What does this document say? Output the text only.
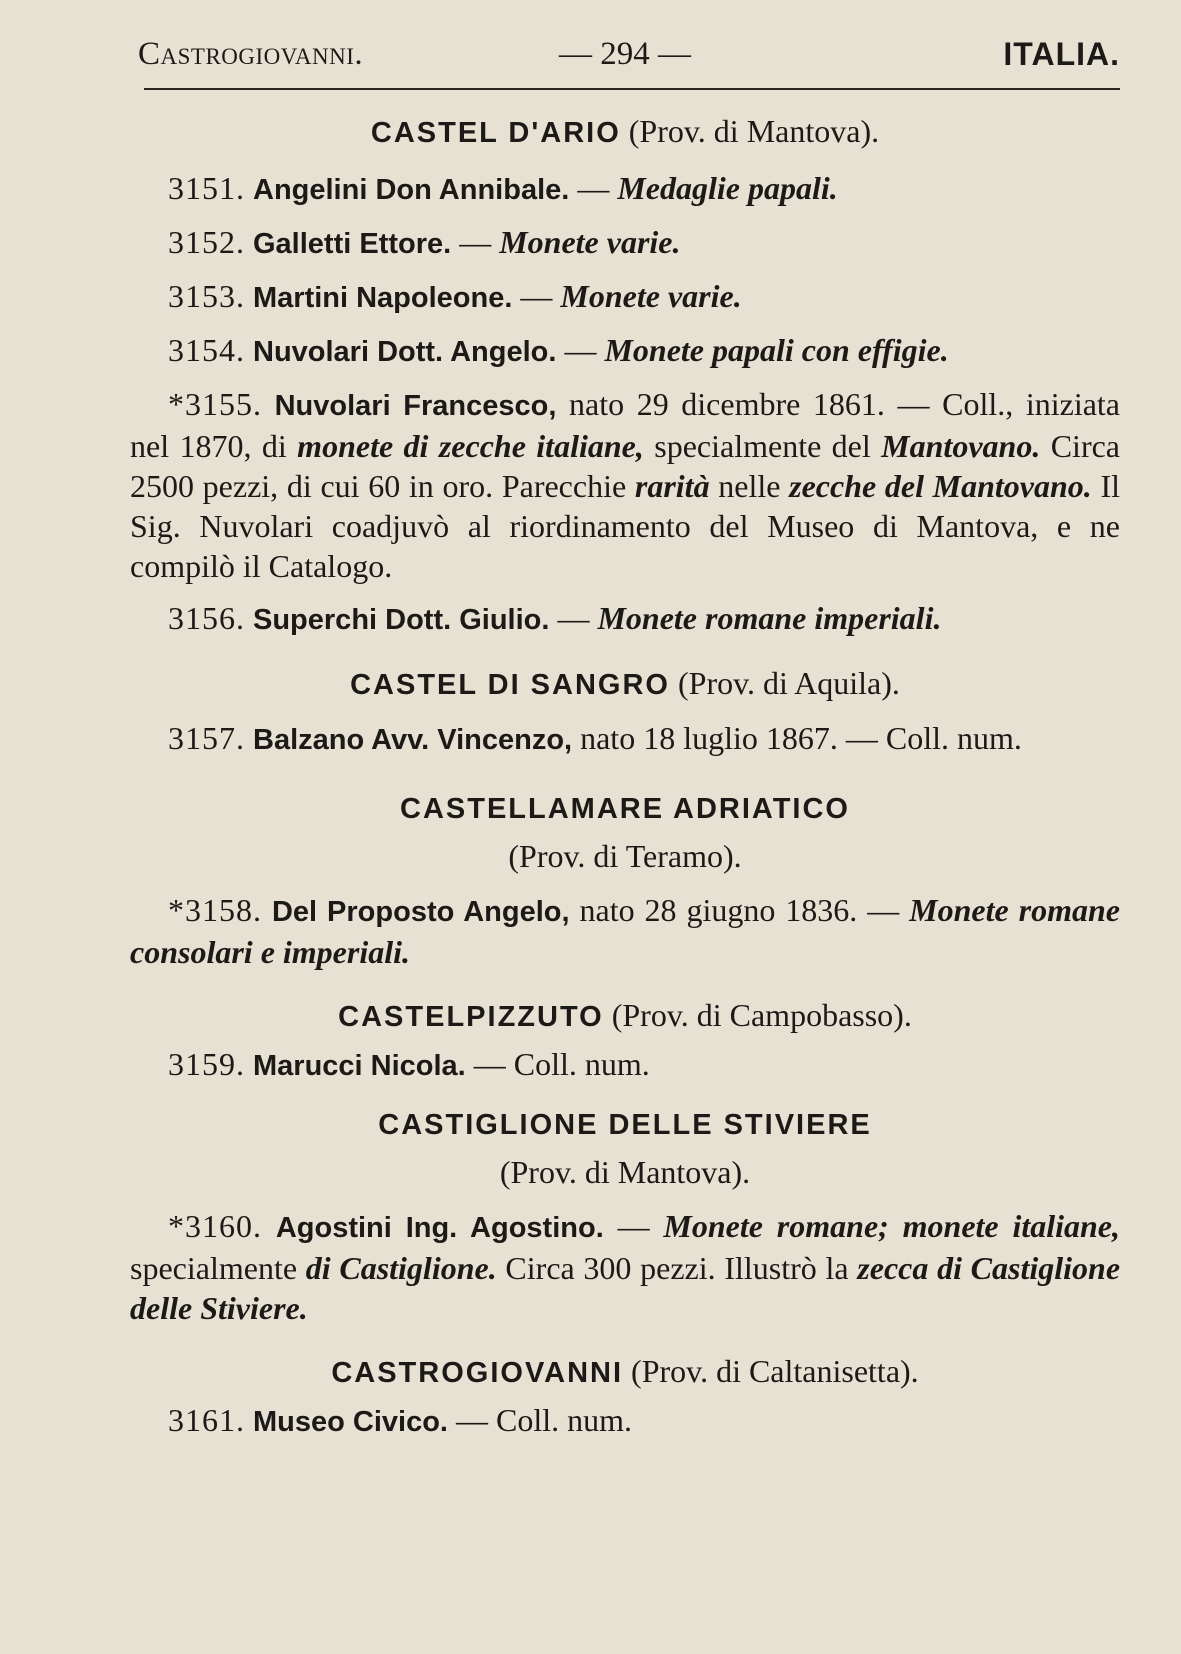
Castrogiovanni.	— 294 —	ITALIA.
CASTEL D'ARIO (Prov. di Mantova).
3151. Angelini Don Annibale. — Medaglie papali.
3152. Galletti Ettore. — Monete varie.
3153. Martini Napoleone. — Monete varie.
3154. Nuvolari Dott. Angelo. — Monete papali con effigie.
*3155. Nuvolari Francesco, nato 29 dicembre 1861. — Coll., iniziata nel 1870, di monete di zecche italiane, specialmente del Mantovano. Circa 2500 pezzi, di cui 60 in oro. Parecchie rarità nelle zecche del Mantovano. Il Sig. Nuvolari coadjuvò al riordinamento del Museo di Mantova, e ne compilò il Catalogo.
3156. Superchi Dott. Giulio. — Monete romane imperiali.
CASTEL DI SANGRO (Prov. di Aquila).
3157. Balzano Avv. Vincenzo, nato 18 luglio 1867. — Coll. num.
CASTELLAMARE ADRIATICO
(Prov. di Teramo).
*3158. Del Proposto Angelo, nato 28 giugno 1836. — Monete romane consolari e imperiali.
CASTELPIZZUTO (Prov. di Campobasso).
3159. Marucci Nicola. — Coll. num.
CASTIGLIONE DELLE STIVIERE
(Prov. di Mantova).
*3160. Agostini Ing. Agostino. — Monete romane; monete italiane, specialmente di Castiglione. Circa 300 pezzi. Illustrò la zecca di Castiglione delle Stiviere.
CASTROGIOVANNI (Prov. di Caltanisetta).
3161. Museo Civico. — Coll. num.
